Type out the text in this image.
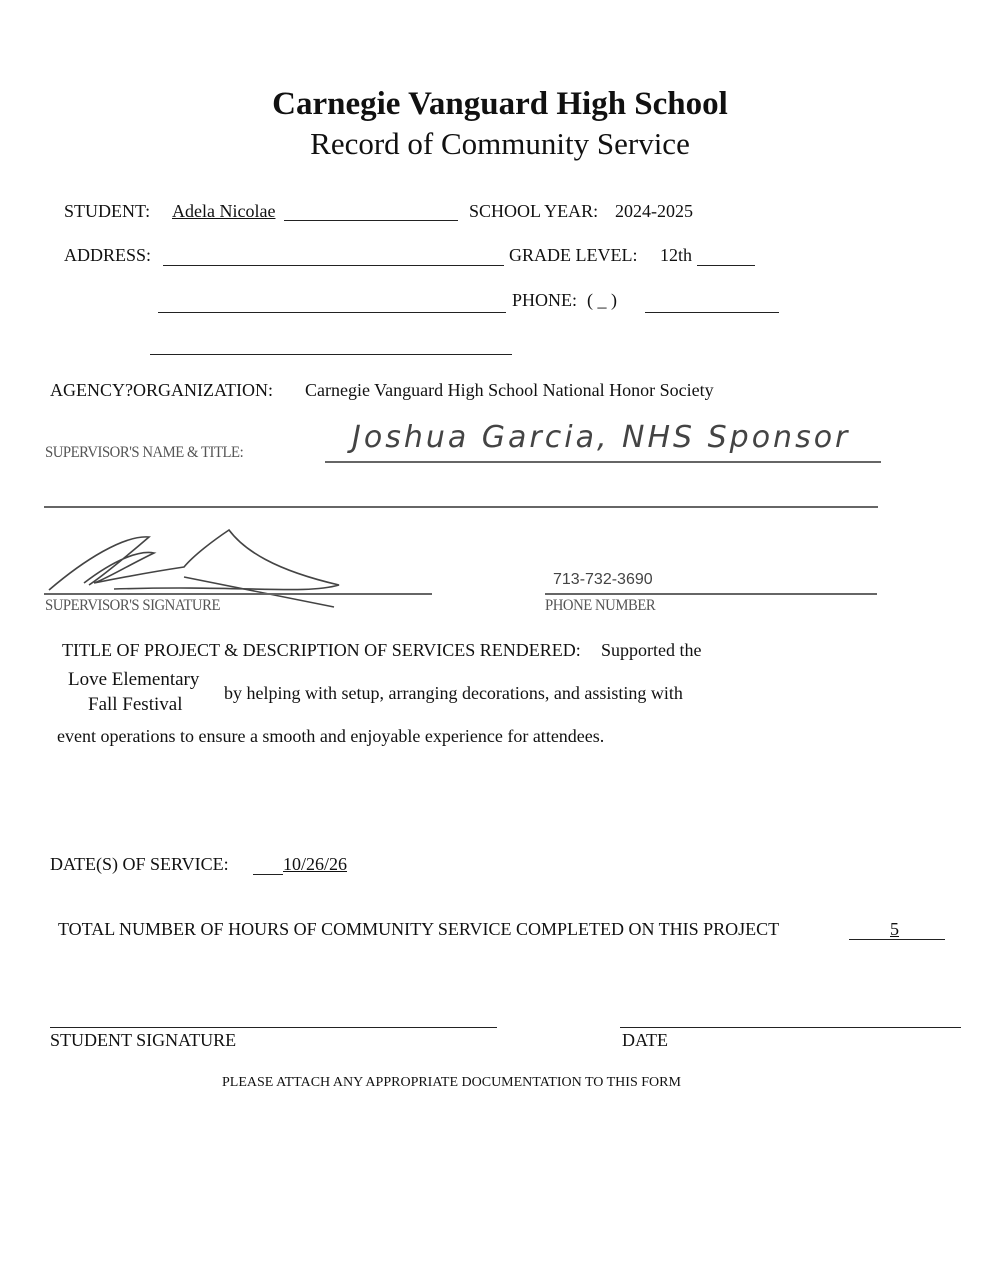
Carnegie Vanguard High School
Record of Community Service
STUDENT: Adela Nicolae	SCHOOL YEAR: 2024-2025
ADDRESS:	GRADE LEVEL: 12th
PHONE: ( _ )
AGENCY?ORGANIZATION: Carnegie Vanguard High School National Honor Society
SUPERVISOR'S NAME & TITLE:	Joshua Garcia, NHS Sponsor
SUPERVISOR'S SIGNATURE
713-732-3690
PHONE NUMBER
TITLE OF PROJECT & DESCRIPTION OF SERVICES RENDERED: Supported the
Love Elementary
Fall Festival
by helping with setup, arranging decorations, and assisting with
event operations to ensure a smooth and enjoyable experience for attendees.
DATE(S) OF SERVICE:	10/26/26
TOTAL NUMBER OF HOURS OF COMMUNITY SERVICE COMPLETED ON THIS PROJECT	5
STUDENT SIGNATURE	DATE
PLEASE ATTACH ANY APPROPRIATE DOCUMENTATION TO THIS FORM
